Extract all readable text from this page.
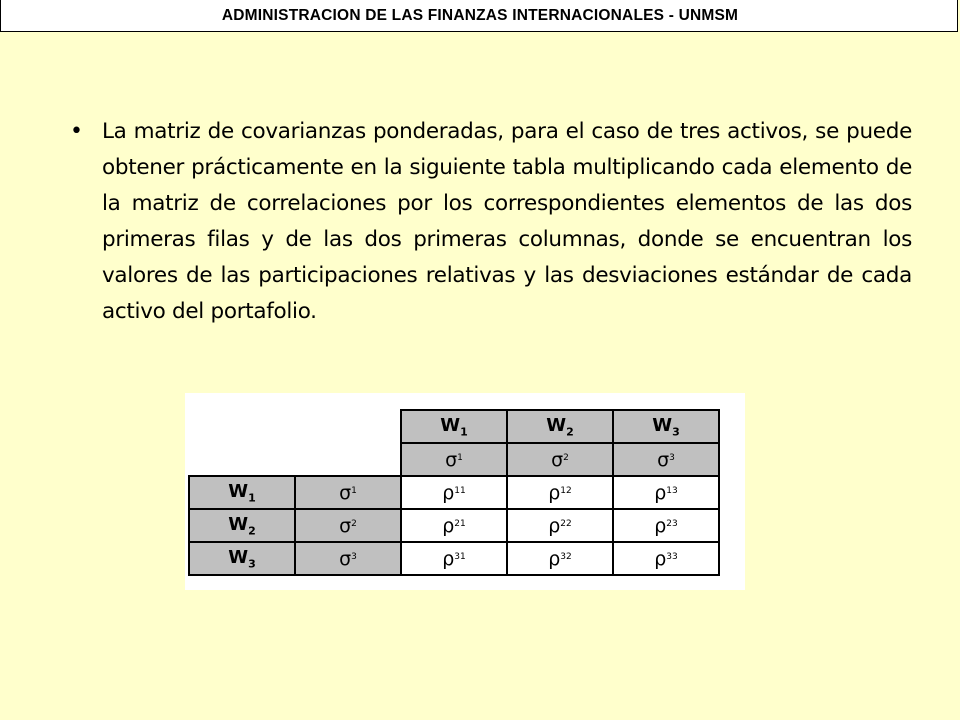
ADMINISTRACION DE LAS FINANZAS INTERNACIONALES - UNMSM
• La matriz de covarianzas ponderadas, para el caso de tres activos, se puede obtener prácticamente en la siguiente tabla multiplicando cada elemento de la matriz de correlaciones por los correspondientes elementos de las dos primeras filas y de las dos primeras columnas, donde se encuentran los valores de las participaciones relativas y las desviaciones estándar de cada activo del portafolio.

		$W_1$	$W_2$	$W_3$
		$\sigma^1$	$\sigma^2$	$\sigma^3$
$W_1$	$\sigma^1$	$\rho^{11}$	$\rho^{12}$	$\rho^{13}$
$W_2$	$\sigma^2$	$\rho^{21}$	$\rho^{22}$	$\rho^{23}$
$W_3$	$\sigma^3$	$\rho^{31}$	$\rho^{32}$	$\rho^{33}$
